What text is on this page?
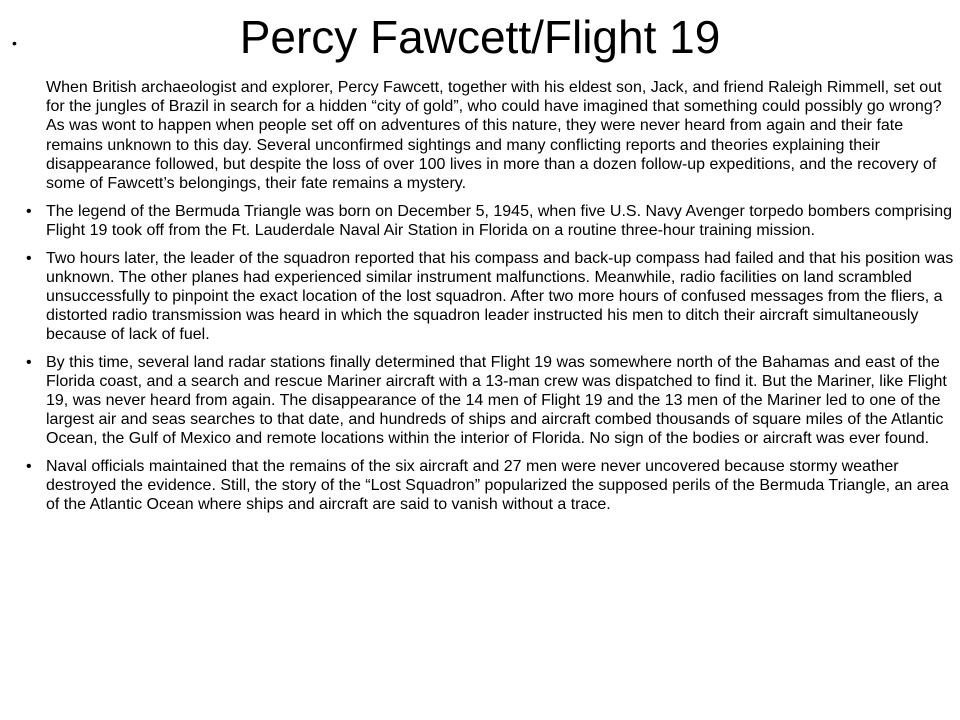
•	Percy Fawcett/Flight 19

When British archaeologist and explorer, Percy Fawcett, together with his eldest son, Jack, and friend Raleigh Rimmell, set out for the jungles of Brazil in search for a hidden “city of gold”, who could have imagined that something could possibly go wrong? As was wont to happen when people set off on adventures of this nature, they were never heard from again and their fate remains unknown to this day. Several unconfirmed sightings and many conflicting reports and theories explaining their disappearance followed, but despite the loss of over 100 lives in more than a dozen follow-up expeditions, and the recovery of some of Fawcett’s belongings, their fate remains a mystery.

• The legend of the Bermuda Triangle was born on December 5, 1945, when five U.S. Navy Avenger torpedo bombers comprising Flight 19 took off from the Ft. Lauderdale Naval Air Station in Florida on a routine three-hour training mission.
• Two hours later, the leader of the squadron reported that his compass and back-up compass had failed and that his position was unknown. The other planes had experienced similar instrument malfunctions. Meanwhile, radio facilities on land scrambled unsuccessfully to pinpoint the exact location of the lost squadron. After two more hours of confused messages from the fliers, a distorted radio transmission was heard in which the squadron leader instructed his men to ditch their aircraft simultaneously because of lack of fuel.
• By this time, several land radar stations finally determined that Flight 19 was somewhere north of the Bahamas and east of the Florida coast, and a search and rescue Mariner aircraft with a 13-man crew was dispatched to find it. But the Mariner, like Flight 19, was never heard from again. The disappearance of the 14 men of Flight 19 and the 13 men of the Mariner led to one of the largest air and seas searches to that date, and hundreds of ships and aircraft combed thousands of square miles of the Atlantic Ocean, the Gulf of Mexico and remote locations within the interior of Florida. No sign of the bodies or aircraft was ever found.
• Naval officials maintained that the remains of the six aircraft and 27 men were never uncovered because stormy weather destroyed the evidence. Still, the story of the “Lost Squadron” popularized the supposed perils of the Bermuda Triangle, an area of the Atlantic Ocean where ships and aircraft are said to vanish without a trace.
